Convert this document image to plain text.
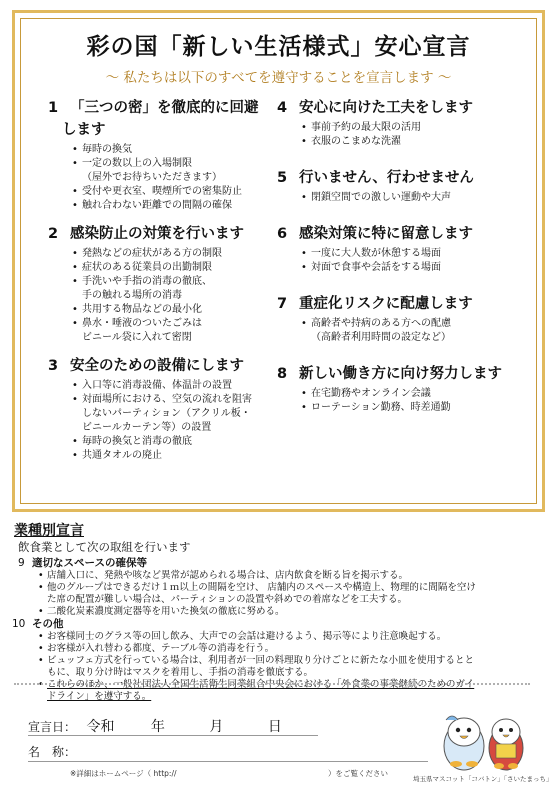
彩の国「新しい生活様式」安心宣言
～ 私たちは以下のすべてを遵守することを宣言します ～
1 「三つの密」を徹底的に回避
します
• 毎時の換気
• 一定の数以上の入場制限
（屋外でお待ちいただきます）
• 受付や更衣室、喫煙所での密集防止
• 触れ合わない距離での間隔の確保
2 感染防止の対策を行います
• 発熱などの症状がある方の制限
• 症状のある従業員の出勤制限
• 手洗いや手指の消毒の徹底、
手の触れる場所の消毒
• 共用する物品などの最小化
• 鼻水・唾液のついたごみは
ビニール袋に入れて密閉
3 安全のための設備にします
• 入口等に消毒設備、体温計の設置
• 対面場所における、空気の流れを阻害
しないパーティション（アクリル板・
ビニールカーテン等）の設置
• 毎時の換気と消毒の徹底
• 共通タオルの廃止
4 安心に向けた工夫をします
• 事前予約の最大限の活用
• 衣服のこまめな洗濯
5 行いません、行わせません
• 閉鎖空間での激しい運動や大声
6 感染対策に特に留意します
• 一度に大人数が休憩する場面
• 対面で食事や会話をする場面
7 重症化リスクに配慮します
• 高齢者や持病のある方への配慮
（高齢者利用時間の設定など）
8 新しい働き方に向け努力します
• 在宅勤務やオンライン会議
• ローテーション勤務、時差通勤
業種別宣言
飲食業として次の取組を行います
9 適切なスペースの確保等
• 店舗入口に、発熱や咳など異常が認められる場合は、店内飲食を断る旨を掲示する。
• 他のグループはできるだけ１ｍ以上の間隔を空け、 店舗内のスペースや構造上、物理的に間隔を空け
た席の配置が難しい場合は、パーティションの設置や斜めでの着席などを工夫する。
• 二酸化炭素濃度測定器等を用いた換気の徹底に努める。
10 その他
• お客様同士のグラス等の回し飲み、大声での会話は避けるよう、掲示等により注意喚起する。
• お客様が入れ替わる都度、テーブル等の消毒を行う。
• ビュッフェ方式を行っている場合は、利用者が一回の料理取り分けごとに新たな小皿を使用するとと
もに、取り分け時はマスクを着用し、手指の消毒を徹底する。
• これらのほか、一般社団法人全国生活衛生同業組合中央会における「外食業の事業継続のためのガイ
ドライン」を遵守する。
宣言日： 令和	年	月	日
名　称：
※詳細はホームページ（ http://	）をご覧ください
埼玉県マスコット「コバトン」「さいたまっち」
